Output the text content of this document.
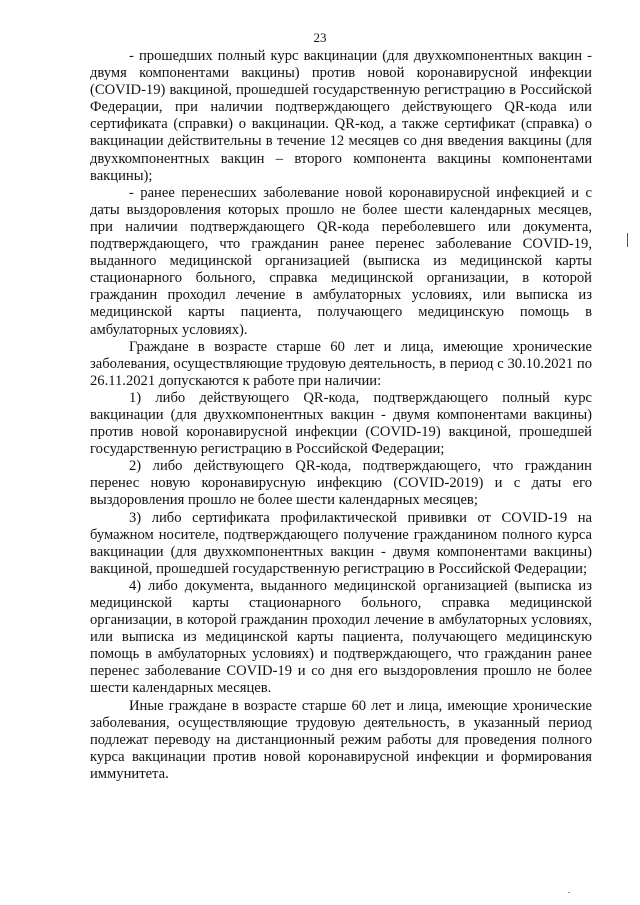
23

- прошедших полный курс вакцинации (для двухкомпонентных вакцин - двумя компонентами вакцины) против новой коронавирусной инфекции (COVID-19) вакциной, прошедшей государственную регистрацию в Российской Федерации, при наличии подтверждающего действующего QR-кода или сертификата (справки) о вакцинации. QR-код, а также сертификат (справка) о вакцинации действительны в течение 12 месяцев со дня введения вакцины (для двухкомпонентных вакцин – второго компонента вакцины компонентами вакцины);

- ранее перенесших заболевание новой коронавирусной инфекцией и с даты выздоровления которых прошло не более шести календарных месяцев, при наличии подтверждающего QR-кода переболевшего или документа, подтверждающего, что гражданин ранее перенес заболевание COVID-19, выданного медицинской организацией (выписка из медицинской карты стационарного больного, справка медицинской организации, в которой гражданин проходил лечение в амбулаторных условиях, или выписка из медицинской карты пациента, получающего медицинскую помощь в амбулаторных условиях).

Граждане в возрасте старше 60 лет и лица, имеющие хронические заболевания, осуществляющие трудовую деятельность, в период с 30.10.2021 по 26.11.2021 допускаются к работе при наличии:

1) либо действующего QR-кода, подтверждающего полный курс вакцинации (для двухкомпонентных вакцин - двумя компонентами вакцины) против новой коронавирусной инфекции (COVID-19) вакциной, прошедшей государственную регистрацию в Российской Федерации;

2) либо действующего QR-кода, подтверждающего, что гражданин перенес новую коронавирусную инфекцию (COVID-2019) и с даты его выздоровления прошло не более шести календарных месяцев;

3) либо сертификата профилактической прививки от COVID-19 на бумажном носителе, подтверждающего получение гражданином полного курса вакцинации (для двухкомпонентных вакцин - двумя компонентами вакцины) вакциной, прошедшей государственную регистрацию в Российской Федерации;

4) либо документа, выданного медицинской организацией (выписка из медицинской карты стационарного больного, справка медицинской организации, в которой гражданин проходил лечение в амбулаторных условиях, или выписка из медицинской карты пациента, получающего медицинскую помощь в амбулаторных условиях) и подтверждающего, что гражданин ранее перенес заболевание COVID-19 и со дня его выздоровления прошло не более шести календарных месяцев.

Иные граждане в возрасте старше 60 лет и лица, имеющие хронические заболевания, осуществляющие трудовую деятельность, в указанный период подлежат переводу на дистанционный режим работы для проведения полного курса вакцинации против новой коронавирусной инфекции и формирования иммунитета.
